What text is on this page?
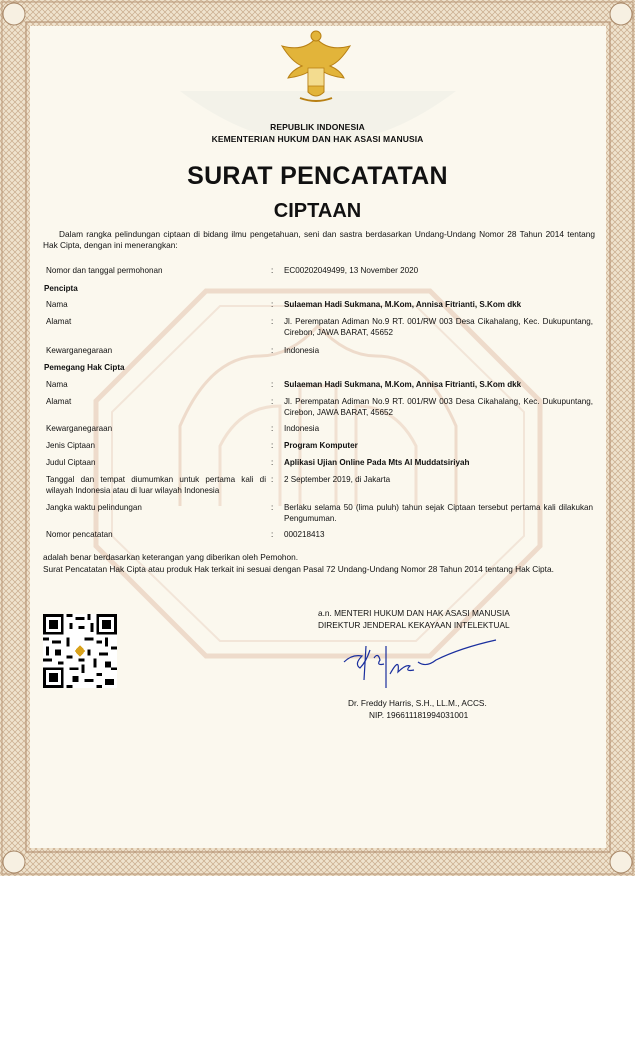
REPUBLIK INDONESIA
KEMENTERIAN HUKUM DAN HAK ASASI MANUSIA
SURAT PENCATATAN
CIPTAAN
Dalam rangka pelindungan ciptaan di bidang ilmu pengetahuan, seni dan sastra berdasarkan Undang-Undang Nomor 28 Tahun 2014 tentang Hak Cipta, dengan ini menerangkan:
Nomor dan tanggal permohonan	: EC00202049499, 13 November 2020
Pencipta
Nama	: Sulaeman Hadi Sukmana, M.Kom, Annisa Fitrianti, S.Kom dkk
Alamat	: Jl. Perempatan Adiman No.9 RT. 001/RW 003 Desa Cikahalang, Kec. Dukupuntang, Cirebon, JAWA BARAT, 45652
Kewarganegaraan	: Indonesia
Pemegang Hak Cipta
Nama	: Sulaeman Hadi Sukmana, M.Kom, Annisa Fitrianti, S.Kom dkk
Alamat	: Jl. Perempatan Adiman No.9 RT. 001/RW 003 Desa Cikahalang, Kec. Dukupuntang, Cirebon, JAWA BARAT, 45652
Kewarganegaraan	: Indonesia
Jenis Ciptaan	: Program Komputer
Judul Ciptaan	: Aplikasi Ujian Online Pada Mts Al Muddatsiriyah
Tanggal dan tempat diumumkan untuk pertama kali di wilayah Indonesia atau di luar wilayah Indonesia
: 2 September 2019, di Jakarta
Jangka waktu pelindungan	: Berlaku selama 50 (lima puluh) tahun sejak Ciptaan tersebut pertama kali dilakukan Pengumuman.
Nomor pencatatan	: 000218413
adalah benar berdasarkan keterangan yang diberikan oleh Pemohon.
Surat Pencatatan Hak Cipta atau produk Hak terkait ini sesuai dengan Pasal 72 Undang-Undang Nomor 28 Tahun 2014 tentang Hak Cipta.
a.n. MENTERI HUKUM DAN HAK ASASI MANUSIA
DIREKTUR JENDERAL KEKAYAAN INTELEKTUAL
Dr. Freddy Harris, S.H., LL.M., ACCS.
NIP. 196611181994031001
